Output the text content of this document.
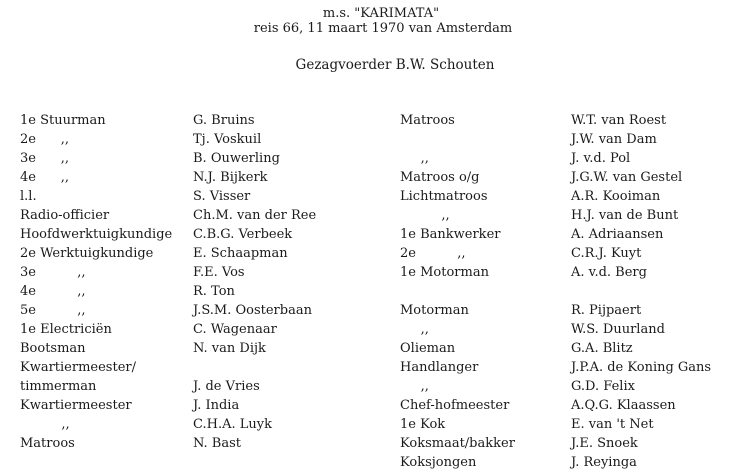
m.s. "KARIMATA"
reis 66, 11 maart 1970 van Amsterdam
Gezagvoerder B.W. Schouten
1e Stuurman
2e      ,,
3e      ,,
4e      ,,
l.l.
Radio-officier
Hoofdwerktuigkundige
2e Werktuigkundige
3e          ,,
4e          ,,
5e          ,,
1e Electriciën
Bootsman
Kwartiermeester/
timmerman
Kwartiermeester
,,
Matroos
G. Bruins
Tj. Voskuil
B. Ouwerling
N.J. Bijkerk
S. Visser
Ch.M. van der Ree
C.B.G. Verbeek
E. Schaapman
F.E. Vos
R. Ton
J.S.M. Oosterbaan
C. Wagenaar
N. van Dijk
J. de Vries
J. India
C.H.A. Luyk
N. Bast
Matroos
,,
Matroos o/g
Lichtmatroos
,,
1e Bankwerker
2e          ,,
1e Motorman
Motorman
,,
Olieman
Handlanger
,,
Chef-hofmeester
1e Kok
Koksmaat/bakker
Koksjongen
W.T. van Roest
J.W. van Dam
J. v.d. Pol
J.G.W. van Gestel
A.R. Kooiman
H.J. van de Bunt
A. Adriaansen
C.R.J. Kuyt
A. v.d. Berg
R. Pijpaert
W.S. Duurland
G.A. Blitz
J.P.A. de Koning Gans
G.D. Felix
A.Q.G. Klaassen
E. van 't Net
J.E. Snoek
J. Reyinga
